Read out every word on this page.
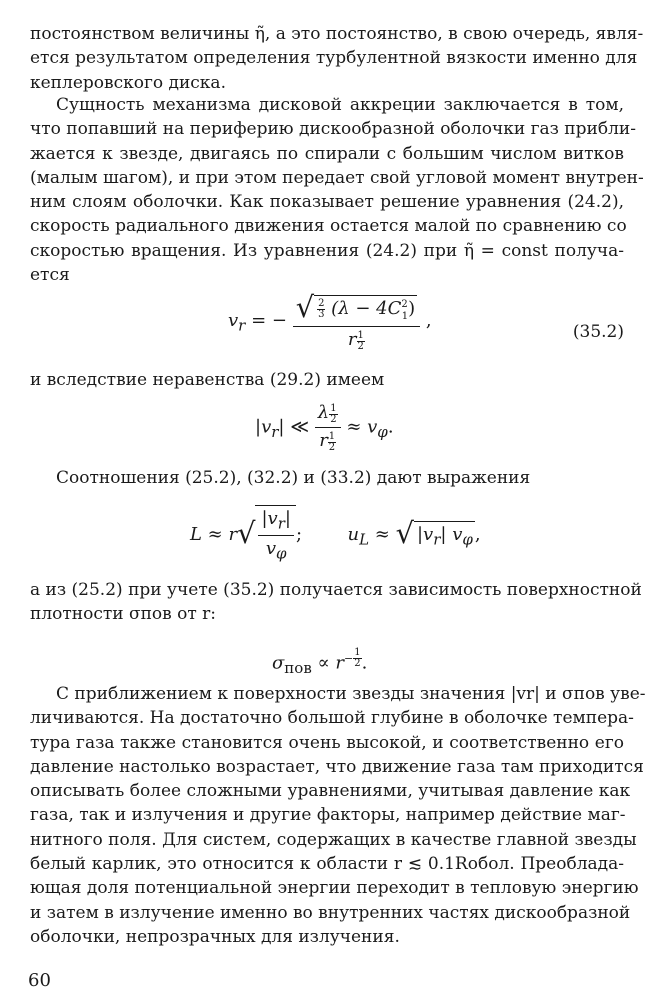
постоянством величины η̃, а это постоянство, в свою очередь, явля-
ется результатом определения турбулентной вязкости именно для
кеплеровского диска.
Сущность механизма дисковой аккреции заключается в том,
что попавший на периферию дискообразной оболочки газ прибли-
жается к звезде, двигаясь по спирали с большим числом витков
(малым шагом), и при этом передает свой угловой момент внутрен-
ним слоям оболочки. Как показывает решение уравнения (24.2),
скорость радиального движения остается малой по сравнению со
скоростью вращения. Из уравнения (24.2) при η̃ = const получа-
ется
$v_r$ = − $\frac{√ \frac{2}{3} (\lambda - 4C^2_1)}{r \frac{1}{2}}$ ,
(35.2)
и вследствие неравенства (29.2) имеем
$|v_r|$ ≪ $\frac{\lambda \frac{1}{2}}{r \frac{1}{2}} \approx v_\varphi$.
Соотношения (25.2), (32.2) и (33.2) дают выражения
$L \approx r√ \frac{|v_r|}{v_\varphi}$ ;  $u_L$ ≈ √ $|v_r|$ $v_\varphi$ ,
а из (25.2) при учете (35.2) получается зависимость поверхностной
плотности σпов от r:
$\sigma_{пов} \propto r^{- \frac{1}{2}}$ .
С приближением к поверхности звезды значения |vr| и σпов уве-
личиваются. На достаточно большой глубине в оболочке темпера-
тура газа также становится очень высокой, и соответственно его
давление настолько возрастает, что движение газа там приходится
описывать более сложными уравнениями, учитывая давление как
газа, так и излучения и другие факторы, например действие маг-
нитного поля. Для систем, содержащих в качестве главной звезды
белый карлик, это относится к области r ≲ 0.1Rобол. Преоблада-
ющая доля потенциальной энергии переходит в тепловую энергию
и затем в излучение именно во внутренних частях дискообразной
оболочки, непрозрачных для излучения.
60
